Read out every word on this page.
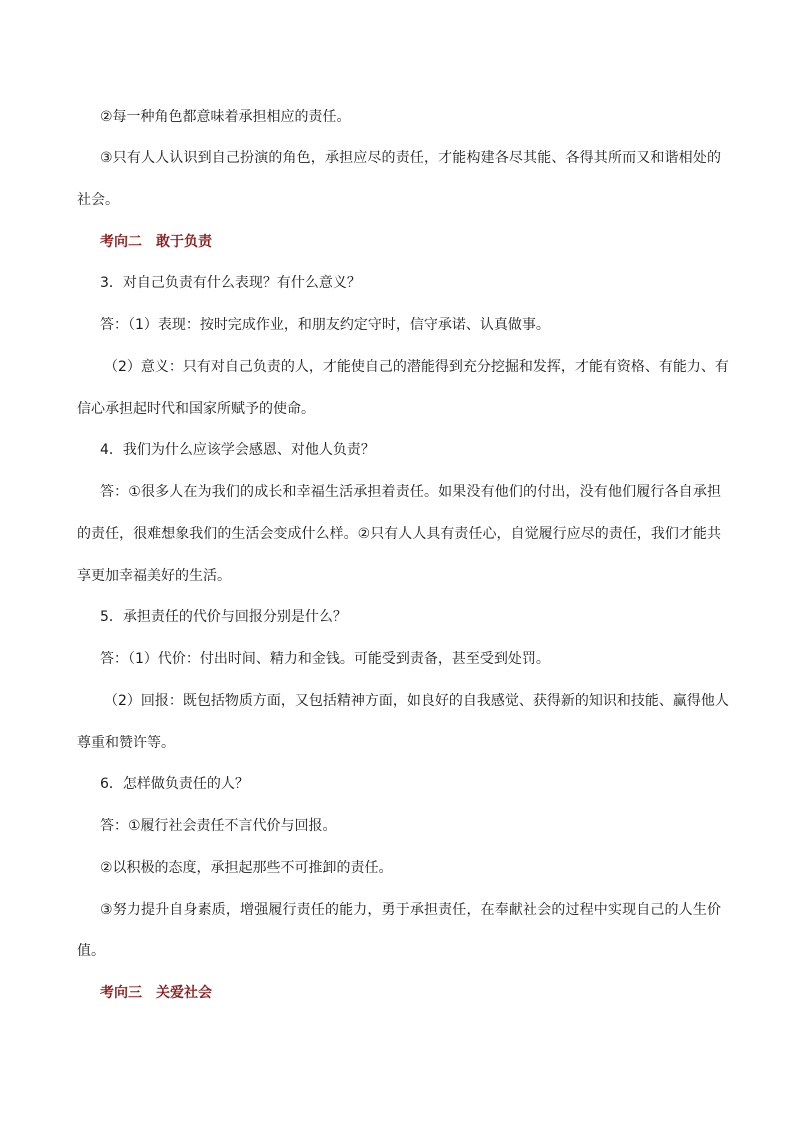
②每一种角色都意味着承担相应的责任。
③只有人人认识到自己扮演的角色，承担应尽的责任，才能构建各尽其能、各得其所而又和谐相处的
社会。
考向二 敢于负责
3．对自己负责有什么表现？有什么意义？
答：（1）表现：按时完成作业，和朋友约定守时，信守承诺、认真做事。
（2）意义：只有对自己负责的人，才能使自己的潜能得到充分挖掘和发挥，才能有资格、有能力、有
信心承担起时代和国家所赋予的使命。
4．我们为什么应该学会感恩、对他人负责？
答：①很多人在为我们的成长和幸福生活承担着责任。如果没有他们的付出，没有他们履行各自承担
的责任，很难想象我们的生活会变成什么样。②只有人人具有责任心，自觉履行应尽的责任，我们才能共
享更加幸福美好的生活。
5．承担责任的代价与回报分别是什么？
答：（1）代价：付出时间、精力和金钱。可能受到责备，甚至受到处罚。
（2）回报：既包括物质方面，又包括精神方面，如良好的自我感觉、获得新的知识和技能、赢得他人
尊重和赞许等。
6．怎样做负责任的人？
答：①履行社会责任不言代价与回报。
②以积极的态度，承担起那些不可推卸的责任。
③努力提升自身素质，增强履行责任的能力，勇于承担责任，在奉献社会的过程中实现自己的人生价
值。
考向三 关爱社会
